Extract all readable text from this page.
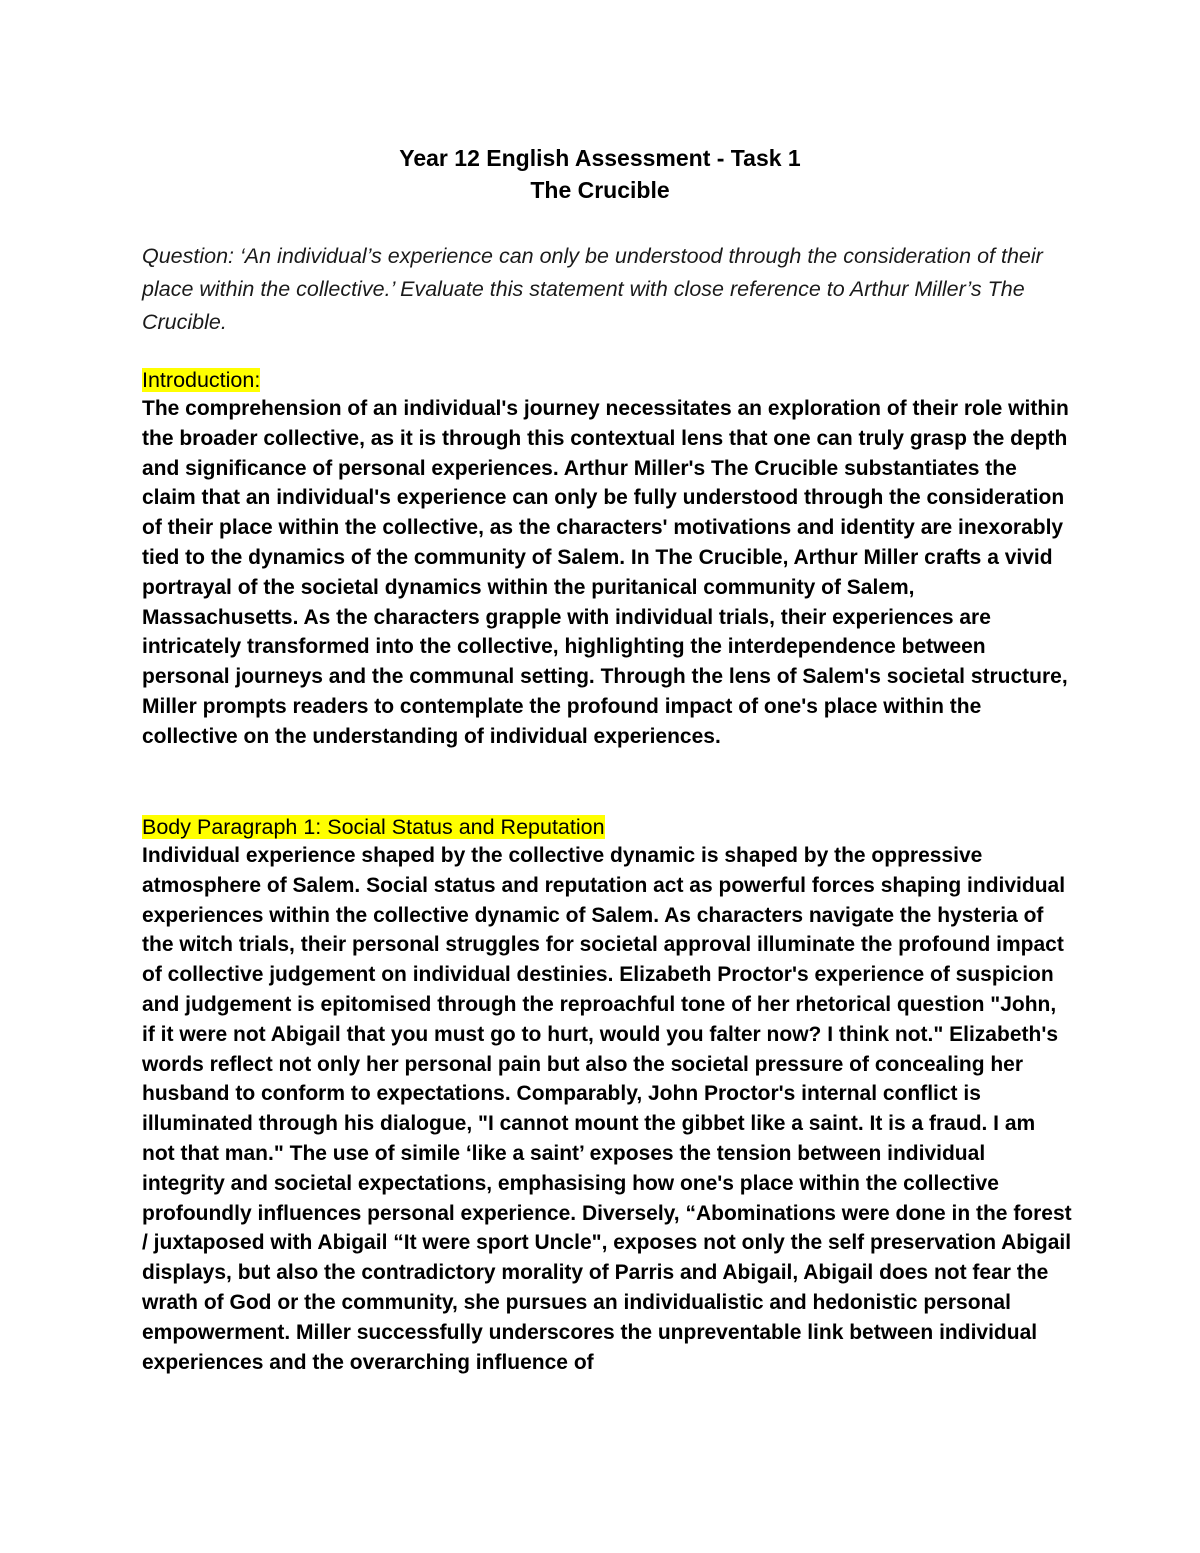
Year 12 English Assessment - Task 1

The Crucible

Question: ‘An individual’s experience can only be understood through the consideration of their place within the collective.’ Evaluate this statement with close reference to Arthur Miller’s The Crucible.

Introduction:

The comprehension of an individual's journey necessitates an exploration of their role within the broader collective, as it is through this contextual lens that one can truly grasp the depth and significance of personal experiences. Arthur Miller's The Crucible substantiates the claim that an individual's experience can only be fully understood through the consideration of their place within the collective, as the characters' motivations and identity are inexorably tied to the dynamics of the community of Salem. In The Crucible, Arthur Miller crafts a vivid portrayal of the societal dynamics within the puritanical community of Salem, Massachusetts. As the characters grapple with individual trials, their experiences are intricately transformed into the collective, highlighting the interdependence between personal journeys and the communal setting. Through the lens of Salem's societal structure, Miller prompts readers to contemplate the profound impact of one's place within the collective on the understanding of individual experiences.

Body Paragraph 1: Social Status and Reputation

Individual experience shaped by the collective dynamic is shaped by the oppressive atmosphere of Salem. Social status and reputation act as powerful forces shaping individual experiences within the collective dynamic of Salem. As characters navigate the hysteria of the witch trials, their personal struggles for societal approval illuminate the profound impact of collective judgement on individual destinies. Elizabeth Proctor's experience of suspicion and judgement is epitomised through the reproachful tone of her rhetorical question "John, if it were not Abigail that you must go to hurt, would you falter now? I think not." Elizabeth's words reflect not only her personal pain but also the societal pressure of concealing her husband to conform to expectations. Comparably, John Proctor's internal conflict is illuminated through his dialogue, "I cannot mount the gibbet like a saint. It is a fraud. I am not that man." The use of simile ‘like a saint’ exposes the tension between individual integrity and societal expectations, emphasising how one's place within the collective profoundly influences personal experience. Diversely, “Abominations were done in the forest / juxtaposed with Abigail “It were sport Uncle", exposes not only the self preservation Abigail displays, but also the contradictory morality of Parris and Abigail, Abigail does not fear the wrath of God or the community, she pursues an individualistic and hedonistic personal empowerment. Miller successfully underscores the unpreventable link between individual experiences and the overarching influence of
